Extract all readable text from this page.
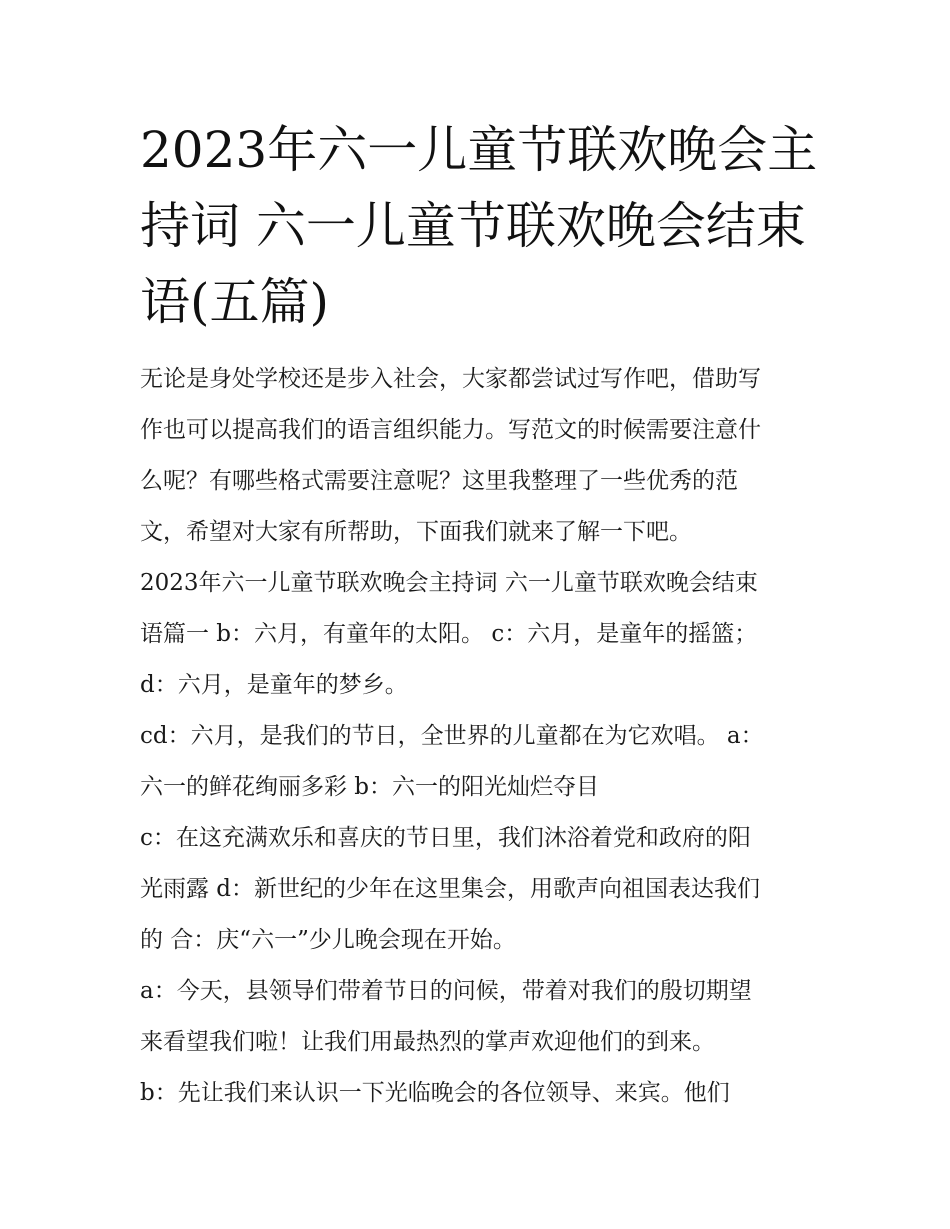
2023年六一儿童节联欢晚会主
持词 六一儿童节联欢晚会结束
语(五篇)
无论是身处学校还是步入社会，大家都尝试过写作吧，借助写
作也可以提高我们的语言组织能力。写范文的时候需要注意什
么呢？有哪些格式需要注意呢？这里我整理了一些优秀的范
文，希望对大家有所帮助，下面我们就来了解一下吧。
2023年六一儿童节联欢晚会主持词 六一儿童节联欢晚会结束
语篇一 b：六月，有童年的太阳。 c：六月，是童年的摇篮；
d：六月，是童年的梦乡。
cd：六月，是我们的节日，全世界的儿童都在为它欢唱。 a：
六一的鲜花绚丽多彩 b：六一的阳光灿烂夺目
c：在这充满欢乐和喜庆的节日里，我们沐浴着党和政府的阳
光雨露 d：新世纪的少年在这里集会，用歌声向祖国表达我们
的 合：庆“六一”少儿晚会现在开始。
a：今天，县领导们带着节日的问候，带着对我们的殷切期望
来看望我们啦！让我们用最热烈的掌声欢迎他们的到来。
b：先让我们来认识一下光临晚会的各位领导、来宾。他们
